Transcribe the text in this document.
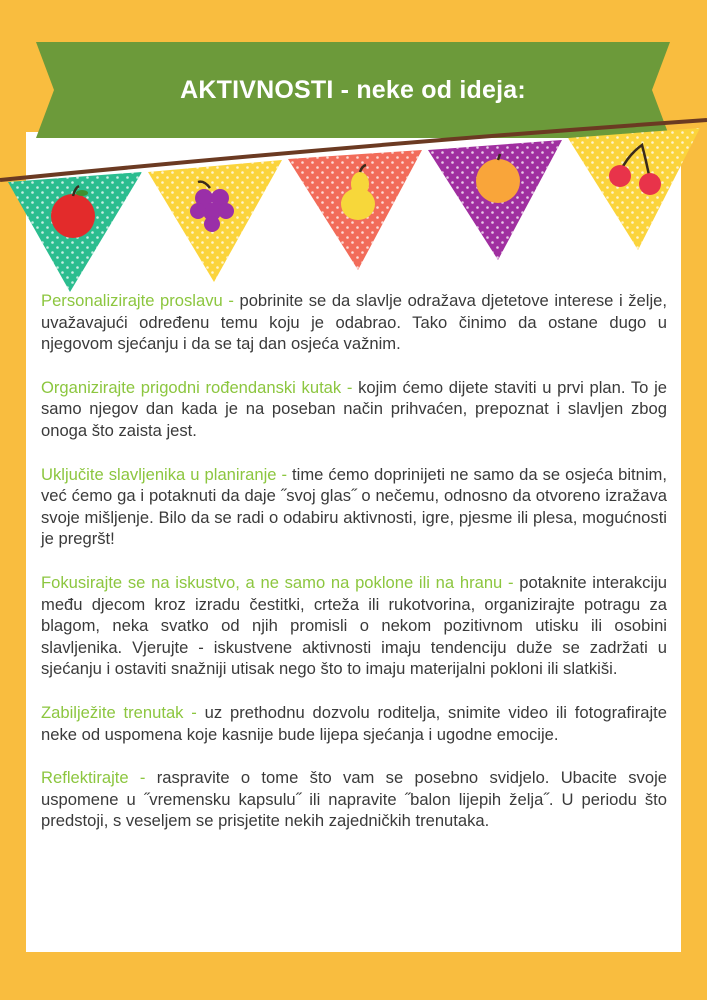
AKTIVNOSTI - neke od ideja:

Personalizirajte proslavu - pobrinite se da slavlje odražava djetetove interese i želje, uvažavajući određenu temu koju je odabrao. Tako činimo da ostane dugo u njegovom sjećanju i da se taj dan osjeća važnim.

Organizirajte prigodni rođendanski kutak - kojim ćemo dijete staviti u prvi plan. To je samo njegov dan kada je na poseban način prihvaćen, prepoznat i slavljen zbog onoga što zaista jest.

Uključite slavljenika u planiranje - time ćemo doprinijeti ne samo da se osjeća bitnim, već ćemo ga i potaknuti da daje ˝svoj glas˝ o nečemu, odnosno da otvoreno izražava svoje mišljenje. Bilo da se radi o odabiru aktivnosti, igre, pjesme ili plesa, mogućnosti je pregršt!

Fokusirajte se na iskustvo, a ne samo na poklone ili na hranu - potaknite interakciju među djecom kroz izradu čestitki, crteža ili rukotvorina, organizirajte potragu za blagom, neka svatko od njih promisli o nekom pozitivnom utisku ili osobini slavljenika. Vjerujte - iskustvene aktivnosti imaju tendenciju duže se zadržati u sjećanju i ostaviti snažniji utisak nego što to imaju materijalni pokloni ili slatkiši.

Zabilježite trenutak - uz prethodnu dozvolu roditelja, snimite video ili fotografirajte neke od uspomena koje kasnije bude lijepa sjećanja i ugodne emocije.

Reflektirajte - raspravite o tome što vam se posebno svidjelo. Ubacite svoje uspomene u ˝vremensku kapsulu˝ ili napravite ˝balon lijepih želja˝. U periodu što predstoji, s veseljem se prisjetite nekih zajedničkih trenutaka.
